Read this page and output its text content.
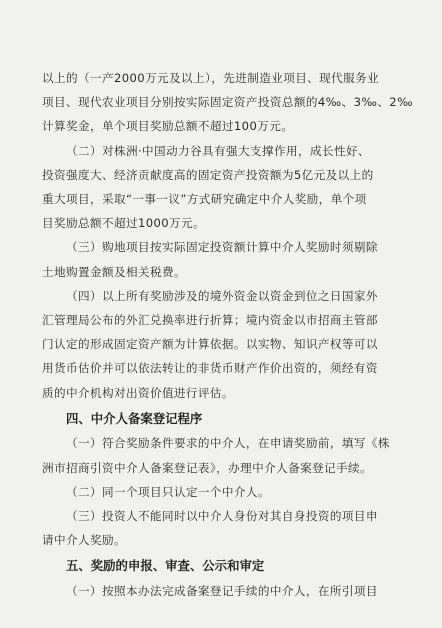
以上的（一产2000万元及以上），先进制造业项目、现代服务业
项目、现代农业项目分别按实际固定资产投资总额的4‰、3‰、2‰
计算奖金，单个项目奖励总额不超过100万元。
（二）对株洲·中国动力谷具有强大支撑作用，成长性好、
投资强度大、经济贡献度高的固定资产投资额为5亿元及以上的
重大项目，采取“一事一议”方式研究确定中介人奖励，单个项
目奖励总额不超过1000万元。
（三）购地项目按实际固定投资额计算中介人奖励时须剔除
土地购置金额及相关税费。
（四）以上所有奖励涉及的境外资金以资金到位之日国家外
汇管理局公布的外汇兑换率进行折算；境内资金以市招商主管部
门认定的形成固定资产额为计算依据。以实物、知识产权等可以
用货币估价并可以依法转让的非货币财产作价出资的，须经有资
质的中介机构对出资价值进行评估。
四、中介人备案登记程序
（一）符合奖励条件要求的中介人，在申请奖励前，填写《株
洲市招商引资中介人备案登记表》，办理中介人备案登记手续。
（二）同一个项目只认定一个中介人。
（三）投资人不能同时以中介人身份对其自身投资的项目申
请中介人奖励。
五、奖励的申报、审查、公示和审定
（一）按照本办法完成备案登记手续的中介人，在所引项目
